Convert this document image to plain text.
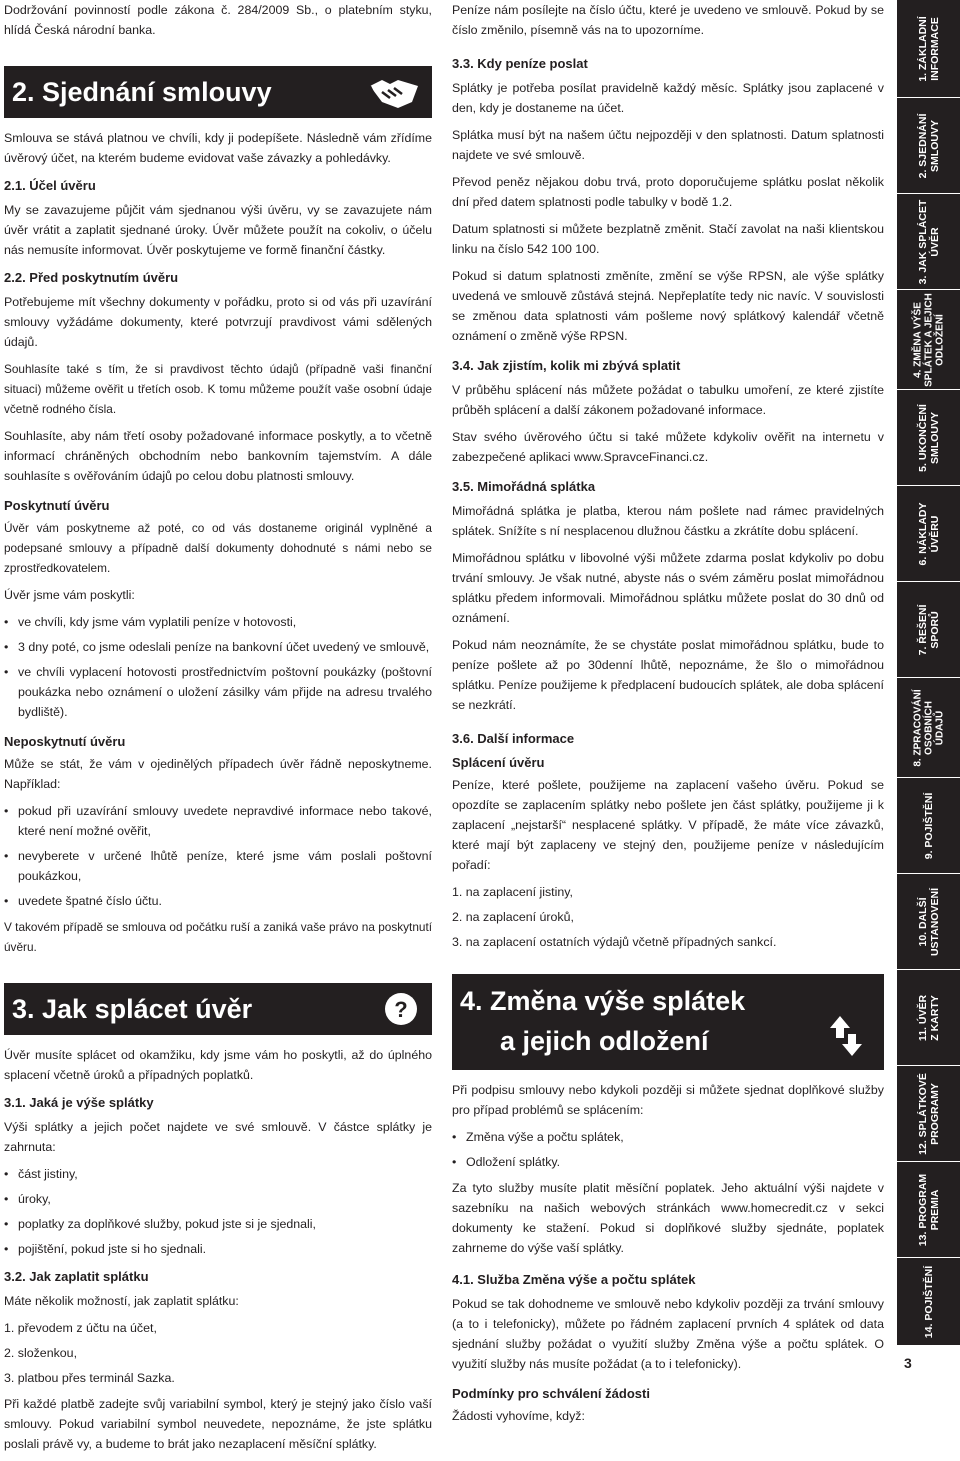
Dodržování povinností podle zákona č. 284/2009 Sb., o platebním styku, hlídá Česká národní banka.

2. Sjednání smlouvy

Smlouva se stává platnou ve chvíli, kdy ji podepíšete. Následně vám zřídíme úvěrový účet, na kterém budeme evidovat vaše závazky a pohledávky.

2.1. Účel úvěru

My se zavazujeme půjčit vám sjednanou výši úvěru, vy se zavazujete nám úvěr vrátit a zaplatit sjednané úroky. Úvěr můžete použít na cokoliv, o účelu nás nemusíte informovat. Úvěr poskytujeme ve formě finanční částky.

2.2. Před poskytnutím úvěru

Potřebujeme mít všechny dokumenty v pořádku, proto si od vás při uzavírání smlouvy vyžádáme dokumenty, které potvrzují pravdivost vámi sdělených údajů.

Souhlasíte také s tím, že si pravdivost těchto údajů (případně vaši finanční situaci) můžeme ověřit u třetích osob. K tomu můžeme použít vaše osobní údaje včetně rodného čísla.

Souhlasíte, aby nám třetí osoby požadované informace poskytly, a to včetně informací chráněných obchodním nebo bankovním tajemstvím. A dále souhlasíte s ověřováním údajů po celou dobu platnosti smlouvy.

Poskytnutí úvěru

Úvěr vám poskytneme až poté, co od vás dostaneme originál vyplněné a podepsané smlouvy a případně další dokumenty dohodnuté s námi nebo se zprostředkovatelem.

Úvěr jsme vám poskytli:

• ve chvíli, kdy jsme vám vyplatili peníze v hotovosti,
• 3 dny poté, co jsme odeslali peníze na bankovní účet uvedený ve smlouvě,
• ve chvíli vyplacení hotovosti prostřednictvím poštovní poukázky (poštovní poukázka nebo oznámení o uložení zásilky vám přijde na adresu trvalého bydliště).
Neposkytnutí úvěru

Může se stát, že vám v ojedinělých případech úvěr řádně neposkytneme. Například:

• pokud při uzavírání smlouvy uvedete nepravdivé informace nebo takové, které není možné ověřit,
• nevyberete v určené lhůtě peníze, které jsme vám poslali poštovní poukázkou,
• uvedete špatné číslo účtu.

V takovém případě se smlouva od počátku ruší a zaniká vaše právo na poskytnutí úvěru.

3. Jak splácet úvěr	?

Úvěr musíte splácet od okamžiku, kdy jsme vám ho poskytli, až do úplného splacení včetně úroků a případných poplatků.

3.1. Jaká je výše splátky

Výši splátky a jejich počet najdete ve své smlouvě. V částce splátky je zahrnuta:

• část jistiny,
• úroky,
• poplatky za doplňkové služby, pokud jste si je sjednali,
• pojištění, pokud jste si ho sjednali.
3.2. Jak zaplatit splátku

Máte několik možností, jak zaplatit splátku:

1. převodem z účtu na účet,
2. složenkou,
3. platbou přes terminál Sazka.

Při každé platbě zadejte svůj variabilní symbol, který je stejný jako číslo vaší smlouvy. Pokud variabilní symbol neuvedete, nepoznáme, že jste splátku poslali právě vy, a budeme to brát jako nezaplacení měsíční splátky.

Peníze nám posílejte na číslo účtu, které je uvedeno ve smlouvě. Pokud by se číslo změnilo, písemně vás na to upozorníme.

3.3. Kdy peníze poslat

Splátky je potřeba posílat pravidelně každý měsíc. Splátky jsou zaplacené v den, kdy je dostaneme na účet.

Splátka musí být na našem účtu nejpozději v den splatnosti. Datum splatnosti najdete ve své smlouvě.

Převod peněz nějakou dobu trvá, proto doporučujeme splátku poslat několik dní před datem splatnosti podle tabulky v bodě 1.2.

Datum splatnosti si můžete bezplatně změnit. Stačí zavolat na naši klientskou linku na číslo 542 100 100.

Pokud si datum splatnosti změníte, změní se výše RPSN, ale výše splátky uvedená ve smlouvě zůstává stejná. Nepřeplatíte tedy nic navíc. V souvislosti se změnou data splatnosti vám pošleme nový splátkový kalendář včetně oznámení o změně výše RPSN.

3.4. Jak zjistím, kolik mi zbývá splatit

V průběhu splácení nás můžete požádat o tabulku umoření, ze které zjistíte průběh splácení a další zákonem požadované informace.

Stav svého úvěrového účtu si také můžete kdykoliv ověřit na internetu v zabezpečené aplikaci www.SpravceFinanci.cz.

3.5. Mimořádná splátka

Mimořádná splátka je platba, kterou nám pošlete nad rámec pravidelných splátek. Snížíte s ní nesplacenou dlužnou částku a zkrátíte dobu splácení.

Mimořádnou splátku v libovolné výši můžete zdarma poslat kdykoliv po dobu trvání smlouvy. Je však nutné, abyste nás o svém záměru poslat mimořádnou splátku předem informovali. Mimořádnou splátku můžete poslat do 30 dnů od oznámení.

Pokud nám neoznámíte, že se chystáte poslat mimořádnou splátku, bude to peníze pošlete až po 30denní lhůtě, nepoznáme, že šlo o mimořádnou splátku. Peníze použijeme k předplacení budoucích splátek, ale doba splácení se nezkrátí.

3.6. Další informace
Splácení úvěru

Peníze, které pošlete, použijeme na zaplacení vašeho úvěru. Pokud se opozdíte se zaplacením splátky nebo pošlete jen část splátky, použijeme ji k zaplacení „nejstarší“ nesplacené splátky. V případě, že máte více závazků, které mají být zaplaceny ve stejný den, použijeme peníze v následujícím pořadí:

1. na zaplacení jistiny,
2. na zaplacení úroků,
3. na zaplacení ostatních výdajů včetně případných sankcí.
4. Změna výše splátek
a jejich odložení

Při podpisu smlouvy nebo kdykoli později si můžete sjednat doplňkové služby pro případ problémů se splácením:

• Změna výše a počtu splátek,
• Odložení splátky.

Za tyto služby musíte platit měsíční poplatek. Jeho aktuální výši najdete v sazebníku na našich webových stránkách www.homecredit.cz v sekci dokumenty ke stažení. Pokud si doplňkové služby sjednáte, poplatek zahrneme do výše vaší splátky.

4.1. Služba Změna výše a počtu splátek

Pokud se tak dohodneme ve smlouvě nebo kdykoliv později za trvání smlouvy (a to i telefonicky), můžete po řádném zaplacení prvních 4 splátek od data sjednání služby požádat o využití služby Změna výše a počtu splátek. O využití služby nás musíte požádat (a to i telefonicky).

Podmínky pro schválení žádosti

Žádosti vyhovíme, když:

1. ZÁKLADNÍ
INFORMACE
2. SJEDNÁNÍ
SMLOUVY
3. JAK SPLÁCET
ÚVĚR
4. ZMĚNA VÝŠE
SPLÁTEK A JEJICH
ODLOŽENÍ
5. UKONČENÍ
SMLOUVY
6. NÁKLADY
ÚVĚRU
7. ŘEŠENÍ
SPORŮ
8. ZPRACOVÁNÍ
OSOBNÍCH
ÚDAJŮ
9. POJIŠTĚNÍ
10. DALŠÍ
USTANOVENÍ
11. ÚVĚR
Z KARTY
12. SPLÁTKOVÉ
PROGRAMY
13. PROGRAM
PREMIA
14. POJIŠTĚNÍ
3
